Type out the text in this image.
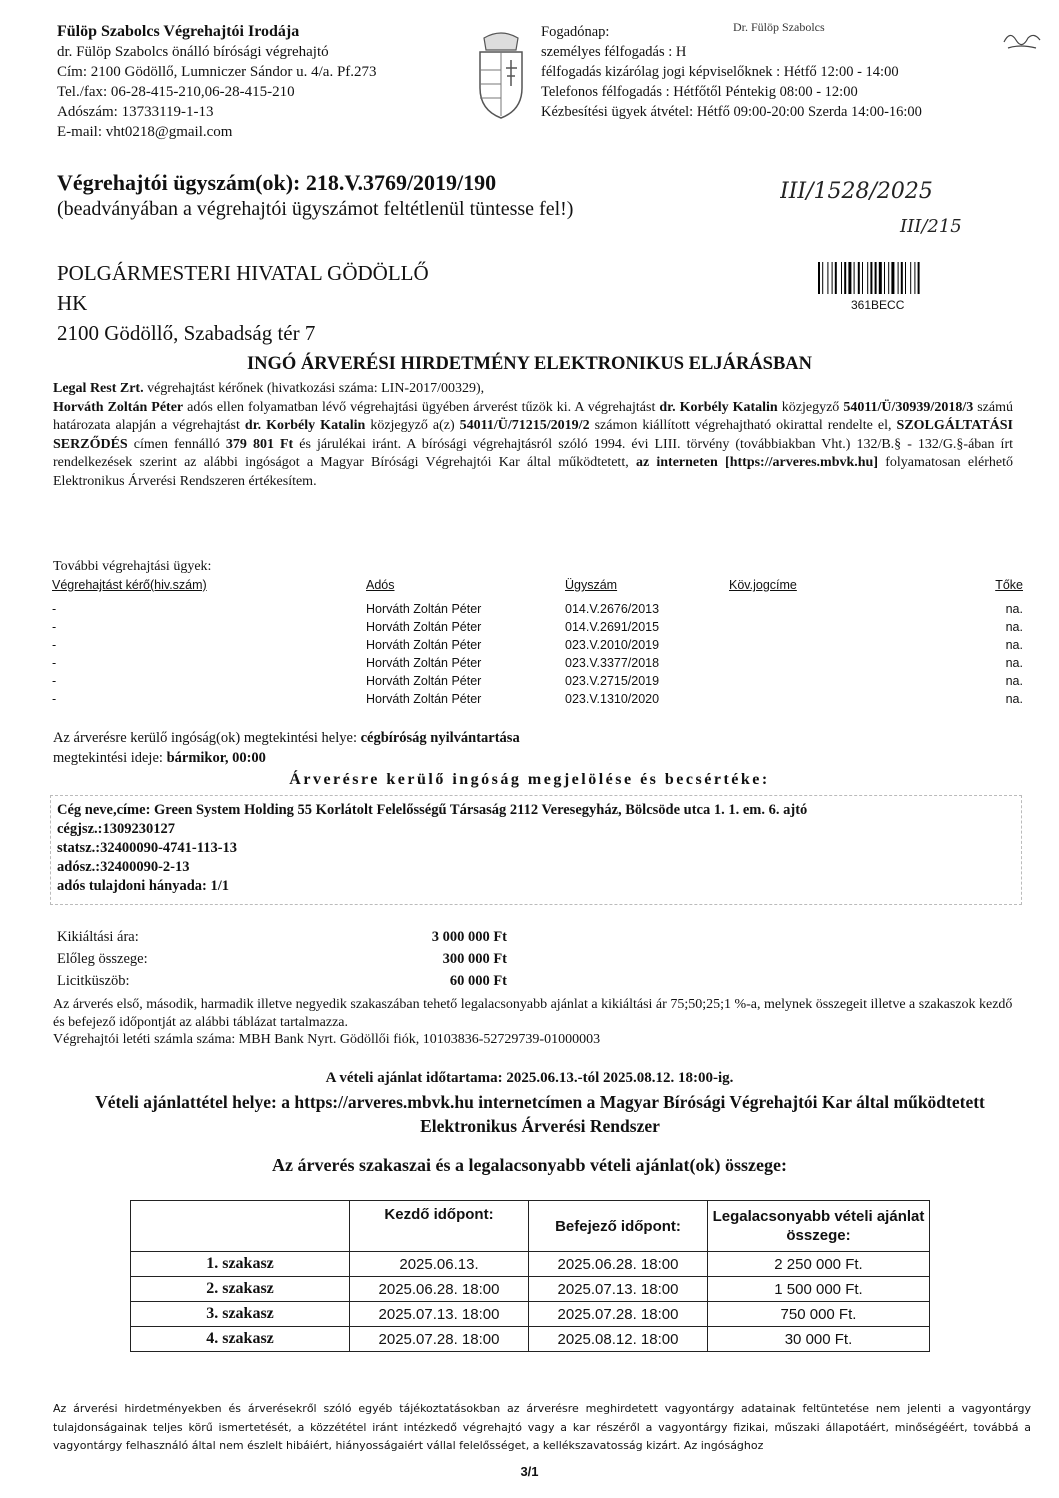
Fülöp Szabolcs Végrehajtói Irodája
dr. Fülöp Szabolcs önálló bírósági végrehajtó
Cím: 2100 Gödöllő, Lumniczer Sándor u. 4/a. Pf.273
Tel./fax: 06-28-415-210,06-28-415-210
Adószám: 13733119-1-13
E-mail: vht0218@gmail.com
Fogadónap:
személyes félfogadás : H
félfogadás kizárólag jogi képviselőknek : Hétfő 12:00 - 14:00
Telefonos félfogadás : Hétfőtől Péntekig 08:00 - 12:00
Kézbesítési ügyek átvétel: Hétfő 09:00-20:00 Szerda 14:00-16:00
Dr. Fülöp Szabolcs
Végrehajtói ügyszám(ok): 218.V.3769/2019/190
(beadványában a végrehajtói ügyszámot feltétlenül tüntesse fel!)
III/1528/2025
III/215
POLGÁRMESTERI HIVATAL GÖDÖLLŐ
HK
2100 Gödöllő, Szabadság tér 7
361BECC
INGÓ ÁRVERÉSI HIRDETMÉNY ELEKTRONIKUS ELJÁRÁSBAN
Legal Rest Zrt. végrehajtást kérőnek (hivatkozási száma: LIN-2017/00329),
Horváth Zoltán Péter adós ellen folyamatban lévő végrehajtási ügyében árverést tűzök ki. A végrehajtást dr. Korbély Katalin közjegyző 54011/Ü/30939/2018/3 számú határozata alapján a végrehajtást dr. Korbély Katalin közjegyző a(z) 54011/Ü/71215/2019/2 számon kiállított végrehajtható okirattal rendelte el, SZOLGÁLTATÁSI SERZŐDÉS címen fennálló 379 801 Ft és járulékai iránt. A bírósági végrehajtásról szóló 1994. évi LIII. törvény (továbbiakban Vht.) 132/B.§ - 132/G.§-ában írt rendelkezések szerint az alábbi ingóságot a Magyar Bírósági Végrehajtói Kar által működtetett, az interneten [https://arveres.mbvk.hu] folyamatosan elérhető Elektronikus Árverési Rendszeren értékesítem.
További végrehajtási ügyek:
Végrehajtást kérő(hiv.szám)	Adós	Ügyszám	Köv.jogcíme	Tőke
-	Horváth Zoltán Péter	014.V.2676/2013		na.
-	Horváth Zoltán Péter	014.V.2691/2015		na.
-	Horváth Zoltán Péter	023.V.2010/2019		na.
-	Horváth Zoltán Péter	023.V.3377/2018		na.
-	Horváth Zoltán Péter	023.V.2715/2019		na.
-	Horváth Zoltán Péter	023.V.1310/2020		na.
Az árverésre kerülő ingóság(ok) megtekintési helye: cégbíróság nyilvántartása
megtekintési ideje: bármikor, 00:00
Árverésre kerülő ingóság megjelölése és becsértéke:
Cég neve,címe: Green System Holding 55 Korlátolt Felelősségű Társaság 2112 Veresegyház, Bölcsöde utca 1. 1. em. 6. ajtó
cégjsz.:1309230127
statsz.:32400090-4741-113-13
adósz.:32400090-2-13
adós tulajdoni hányada: 1/1
Kikiáltási ára:	3 000 000 Ft
Előleg összege:	300 000 Ft
Licitküszöb:	60 000 Ft
Az árverés első, második, harmadik illetve negyedik szakaszában tehető legalacsonyabb ajánlat a kikiáltási ár 75;50;25;1 %-a, melynek összegeit illetve a szakaszok kezdő és befejező időpontját az alábbi táblázat tartalmazza.
Végrehajtói letéti számla száma: MBH Bank Nyrt. Gödöllői fiók, 10103836-52729739-01000003
A vételi ajánlat időtartama: 2025.06.13.-tól 2025.08.12. 18:00-ig.
Vételi ajánlattétel helye: a https://arveres.mbvk.hu internetcímen a Magyar Bírósági Végrehajtói Kar által működtetett Elektronikus Árverési Rendszer
Az árverés szakaszai és a legalacsonyabb vételi ajánlat(ok) összege:
	Kezdő időpont:	Befejező időpont:	Legalacsonyabb vételi ajánlat összege:
1. szakasz	2025.06.13.	2025.06.28. 18:00	2 250 000 Ft.
2. szakasz	2025.06.28. 18:00	2025.07.13. 18:00	1 500 000 Ft.
3. szakasz	2025.07.13. 18:00	2025.07.28. 18:00	750 000 Ft.
4. szakasz	2025.07.28. 18:00	2025.08.12. 18:00	30 000 Ft.
Az árverési hirdetményekben és árverésekről szóló egyéb tájékoztatásokban az árverésre meghirdetett vagyontárgy adatainak feltüntetése nem jelenti a vagyontárgy tulajdonságainak teljes körű ismertetését, a közzététel iránt intézkedő végrehajtó vagy a kar részéről a vagyontárgy fizikai, műszaki állapotáért, minőségéért, továbbá a vagyontárgy felhasználó által nem észlelt hibáiért, hiányosságaiért vállal felelősséget, a kellékszavatosság kizárt. Az ingósághoz
3/1
